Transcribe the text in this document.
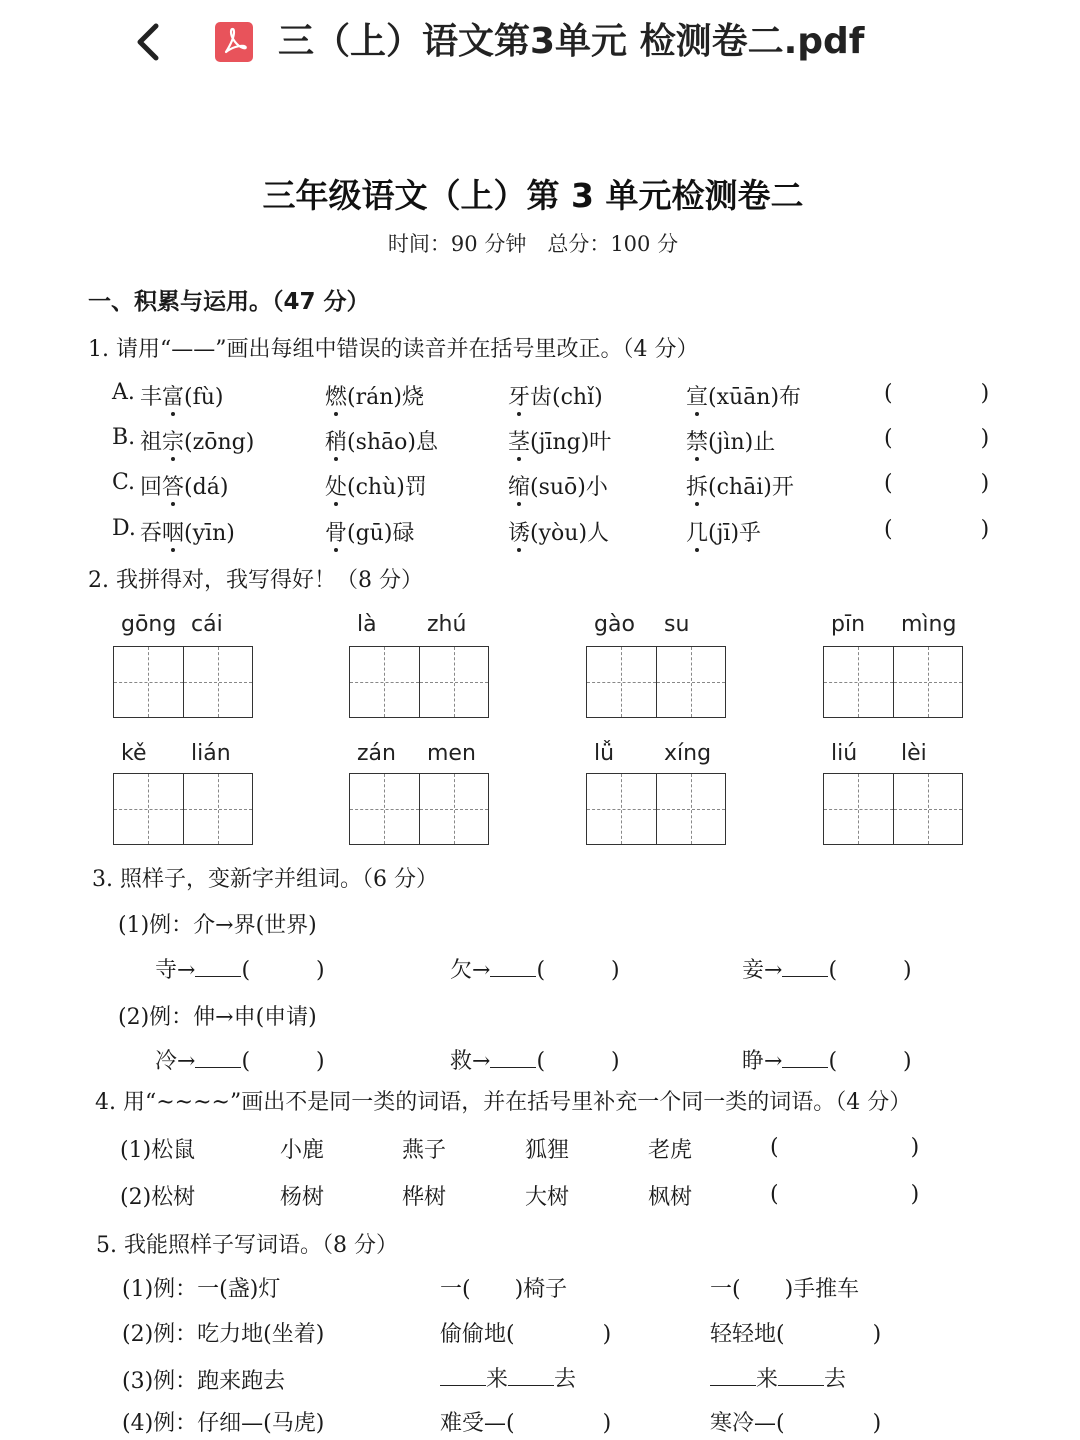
三（上）语文第3单元 检测卷二.pdf
三年级语文（上）第 3 单元检测卷二
时间：90 分钟　总分：100 分
一、积累与运用。（47 分）
1. 请用“——”画出每组中错误的读音并在括号里改正。（4 分）
A. 丰富(fù)	燃(rán)烧	牙齿(chǐ)	宣(xūān)布	(　　　　)
B. 祖宗(zōng)	稍(shāo)息	茎(jīng)叶	禁(jìn)止	(　　　　)
C. 回答(dá)	处(chù)罚	缩(suō)小	拆(chāi)开	(　　　　)
D. 吞咽(yīn)	骨(gū)碌	诱(yòu)人	几(jī)乎	(　　　　)
2. 我拼得对，我写得好！（8 分）
gōng cái	là zhú	gào su	pīn mìng
kě lián	zán men	lǚ xíng	liú lèi
3. 照样子，变新字并组词。（6 分）
(1)例：介→界(世界)
寺→ (　　　)	欠→ (　　　)	妾→ (　　　)
(2)例：伸→申(申请)
冷→ (　　　)	救→ (　　　)	睁→ (　　　)
4. 用“~~~~”画出不是同一类的词语，并在括号里补充一个同一类的词语。（4 分）
(1)松鼠	小鹿	燕子	狐狸	老虎	(　　　　　　)
(2)松树	杨树	桦树	大树	枫树	(　　　　　　)
5. 我能照样子写词语。（8 分）
(1)例：一(盏)灯	一(　　)椅子	一(　　)手推车
(2)例：吃力地(坐着)	偷偷地(　　　　)	轻轻地(　　　　)
(3)例：跑来跑去	来 去	来 去
(4)例：仔细—(马虎)	难受—(　　　　)	寒冷—(　　　　)
